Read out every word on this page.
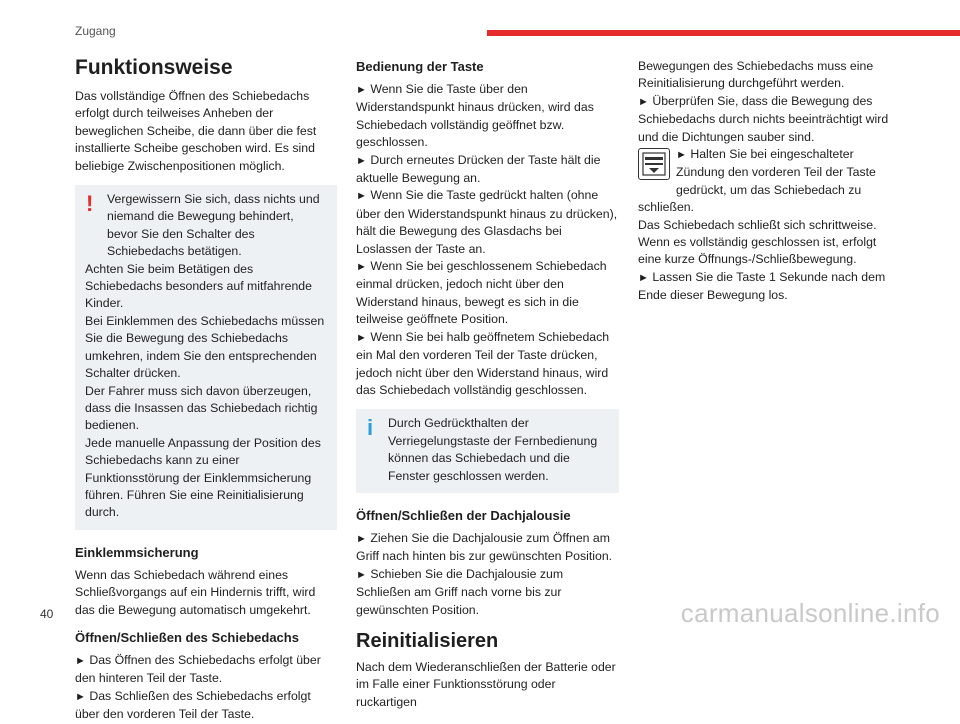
Zugang
Funktionsweise

Das vollständige Öffnen des Schiebedachs erfolgt durch teilweises Anheben der beweglichen Scheibe, die dann über die fest installierte Scheibe geschoben wird. Es sind beliebige Zwischenpositionen möglich.

!	Vergewissern Sie sich, dass nichts und niemand die Bewegung behindert, bevor Sie den Schalter des Schiebedachs betätigen.

Achten Sie beim Betätigen des Schiebedachs besonders auf mitfahrende Kinder.

Bei Einklemmen des Schiebedachs müssen Sie die Bewegung des Schiebedachs umkehren, indem Sie den entsprechenden Schalter drücken.

Der Fahrer muss sich davon überzeugen, dass die Insassen das Schiebedach richtig bedienen.

Jede manuelle Anpassung der Position des Schiebedachs kann zu einer Funktionsstörung der Einklemmsicherung führen. Führen Sie eine Reinitialisierung durch.

Einklemmsicherung

Wenn das Schiebedach während eines Schließvorgangs auf ein Hindernis trifft, wird das die Bewegung automatisch umgekehrt.

Öffnen/Schließen des Schiebedachs

► Das Öffnen des Schiebedachs erfolgt über den hinteren Teil der Taste.

► Das Schließen des Schiebedachs erfolgt über den vorderen Teil der Taste.

Bedienung der Taste

► Wenn Sie die Taste über den Widerstandspunkt hinaus drücken, wird das Schiebedach vollständig geöffnet bzw. geschlossen.

► Durch erneutes Drücken der Taste hält die aktuelle Bewegung an.

► Wenn Sie die Taste gedrückt halten (ohne über den Widerstandspunkt hinaus zu drücken), hält die Bewegung des Glasdachs bei Loslassen der Taste an.

► Wenn Sie bei geschlossenem Schiebedach einmal drücken, jedoch nicht über den Widerstand hinaus, bewegt es sich in die teilweise geöffnete Position.

► Wenn Sie bei halb geöffnetem Schiebedach ein Mal den vorderen Teil der Taste drücken, jedoch nicht über den Widerstand hinaus, wird das Schiebedach vollständig geschlossen.

i	Durch Gedrückthalten der Verriegelungstaste der Fernbedienung können das Schiebedach und die Fenster geschlossen werden.

Öffnen/Schließen der Dachjalousie

► Ziehen Sie die Dachjalousie zum Öffnen am Griff nach hinten bis zur gewünschten Position.

► Schieben Sie die Dachjalousie zum Schließen am Griff nach vorne bis zur gewünschten Position.

Reinitialisieren

Nach dem Wiederanschließen der Batterie oder im Falle einer Funktionsstörung oder ruckartigen

Bewegungen des Schiebedachs muss eine Reinitialisierung durchgeführt werden.

► Überprüfen Sie, dass die Bewegung des Schiebedachs durch nichts beeinträchtigt wird und die Dichtungen sauber sind.

► Halten Sie bei eingeschalteter Zündung den vorderen Teil der Taste gedrückt, um das Schiebedach zu schließen.

Das Schiebedach schließt sich schrittweise. Wenn es vollständig geschlossen ist, erfolgt eine kurze Öffnungs-/Schließbewegung.

► Lassen Sie die Taste 1 Sekunde nach dem Ende dieser Bewegung los.

40	carmanualsonline.info
